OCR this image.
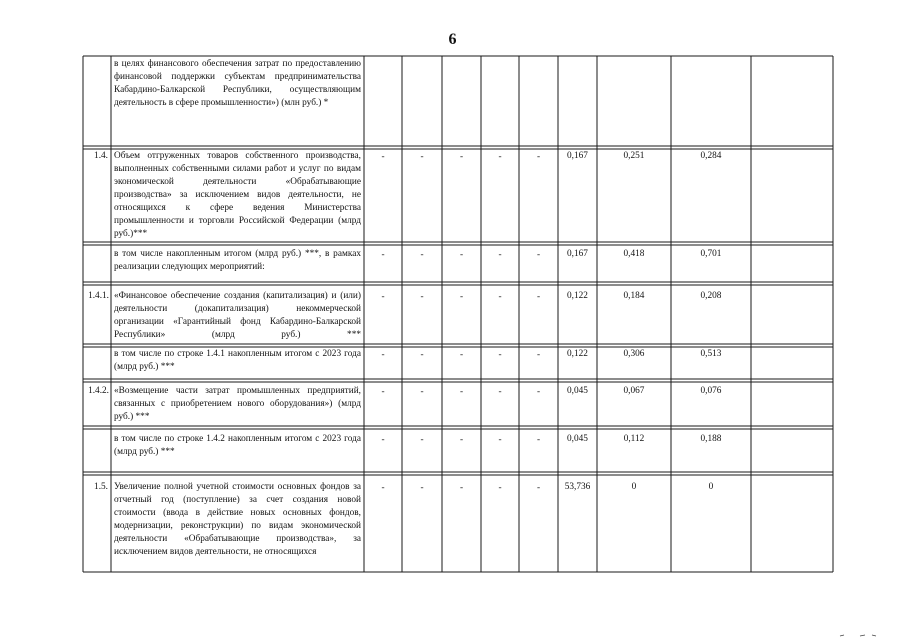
6
в целях финансового обеспечения затрат по предоставлению финансовой поддержки субъектам предпринимательства Кабардино-Балкарской Республики, осуществляющим деятельность в сфере промышленности») (млн руб.) *
1.4. Объем отгруженных товаров собственного производства, выполненных собственными силами работ и услуг по видам экономической деятельности «Обрабатывающие производства» за исключением видов деятельности, не относящихся к сфере ведения Министерства промышленности и торговли Российской Федерации (млрд руб.)***
-	-	-	-	-	0,167	0,251	0,284
в том числе накопленным итогом (млрд руб.) ***, в рамках реализации следующих мероприятий:
-	-	-	-	-	0,167	0,418	0,701
1.4.1. «Финансовое обеспечение создания (капитализация) и (или) деятельности (докапитализация) некоммерческой организации «Гарантийный фонд Кабардино-Балкарской Республики» (млрд руб.) ***
-	-	-	-	-	0,122	0,184	0,208
в том числе по строке 1.4.1 накопленным итогом с 2023 года (млрд руб.) ***
-	-	-	-	-	0,122	0,306	0,513
1.4.2. «Возмещение части затрат промышленных предприятий, связанных с приобретением нового оборудования») (млрд руб.) ***
-	-	-	-	-	0,045	0,067	0,076
в том числе по строке 1.4.2 накопленным итогом с 2023 года (млрд руб.) ***
-	-	-	-	-	0,045	0,112	0,188
1.5. Увеличение полной учетной стоимости основных фондов за отчетный год (поступление) за счет создания новой стоимости (ввода в действие новых основных фондов, модернизации, реконструкции) по видам экономической деятельности «Обрабатывающие производства», за исключением видов деятельности, не относящихся
-	-	-	-	-	53,736	0	0
